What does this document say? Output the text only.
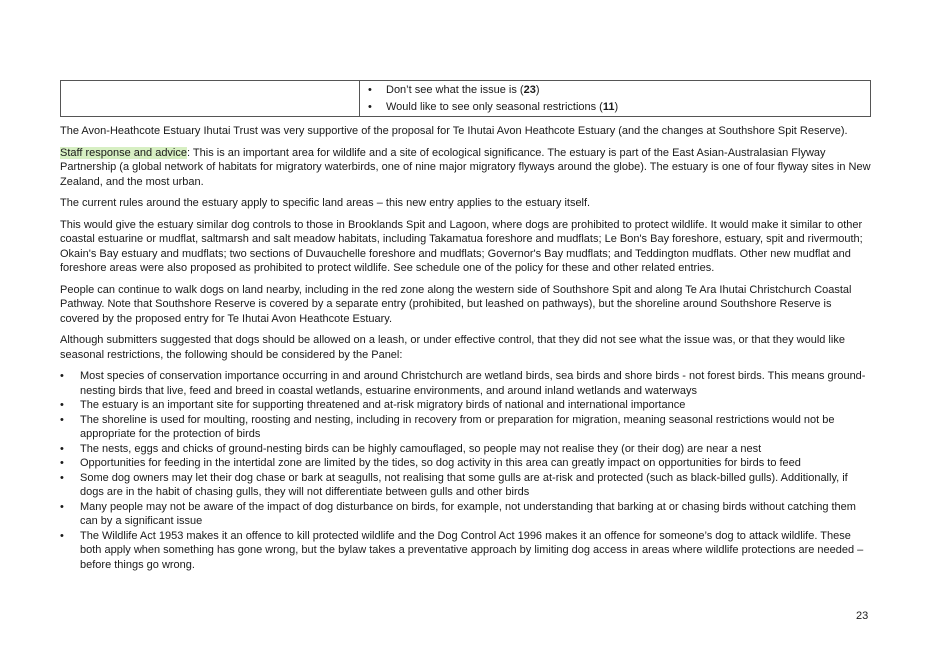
•	Don’t see what the issue is (23)
•	Would like to see only seasonal restrictions (11)

The Avon-Heathcote Estuary Ihutai Trust was very supportive of the proposal for Te Ihutai Avon Heathcote Estuary (and the changes at Southshore Spit Reserve).

Staff response and advice: This is an important area for wildlife and a site of ecological significance. The estuary is part of the East Asian-Australasian Flyway Partnership (a global network of habitats for migratory waterbirds, one of nine major migratory flyways around the globe). The estuary is one of four flyway sites in New Zealand, and the most urban.

The current rules around the estuary apply to specific land areas – this new entry applies to the estuary itself.

This would give the estuary similar dog controls to those in Brooklands Spit and Lagoon, where dogs are prohibited to protect wildlife. It would make it similar to other coastal estuarine or mudflat, saltmarsh and salt meadow habitats, including Takamatua foreshore and mudflats; Le Bon's Bay foreshore, estuary, spit and rivermouth; Okain's Bay estuary and mudflats; two sections of Duvauchelle foreshore and mudflats; Governor's Bay mudflats; and Teddington mudflats. Other new mudflat and foreshore areas were also proposed as prohibited to protect wildlife. See schedule one of the policy for these and other related entries.

People can continue to walk dogs on land nearby, including in the red zone along the western side of Southshore Spit and along Te Ara Ihutai Christchurch Coastal Pathway. Note that Southshore Reserve is covered by a separate entry (prohibited, but leashed on pathways), but the shoreline around Southshore Reserve is covered by the proposed entry for Te Ihutai Avon Heathcote Estuary.

Although submitters suggested that dogs should be allowed on a leash, or under effective control, that they did not see what the issue was, or that they would like seasonal restrictions, the following should be considered by the Panel:

•	Most species of conservation importance occurring in and around Christchurch are wetland birds, sea birds and shore birds - not forest birds. This means ground-nesting birds that live, feed and breed in coastal wetlands, estuarine environments, and around inland wetlands and waterways
•	The estuary is an important site for supporting threatened and at-risk migratory birds of national and international importance
•	The shoreline is used for moulting, roosting and nesting, including in recovery from or preparation for migration, meaning seasonal restrictions would not be appropriate for the protection of birds
•	The nests, eggs and chicks of ground-nesting birds can be highly camouflaged, so people may not realise they (or their dog) are near a nest
•	Opportunities for feeding in the intertidal zone are limited by the tides, so dog activity in this area can greatly impact on opportunities for birds to feed
•	Some dog owners may let their dog chase or bark at seagulls, not realising that some gulls are at-risk and protected (such as black-billed gulls). Additionally, if dogs are in the habit of chasing gulls, they will not differentiate between gulls and other birds
•	Many people may not be aware of the impact of dog disturbance on birds, for example, not understanding that barking at or chasing birds without catching them can by a significant issue
•	The Wildlife Act 1953 makes it an offence to kill protected wildlife and the Dog Control Act 1996 makes it an offence for someone’s dog to attack wildlife. These both apply when something has gone wrong, but the bylaw takes a preventative approach by limiting dog access in areas where wildlife protections are needed – before things go wrong.
23
